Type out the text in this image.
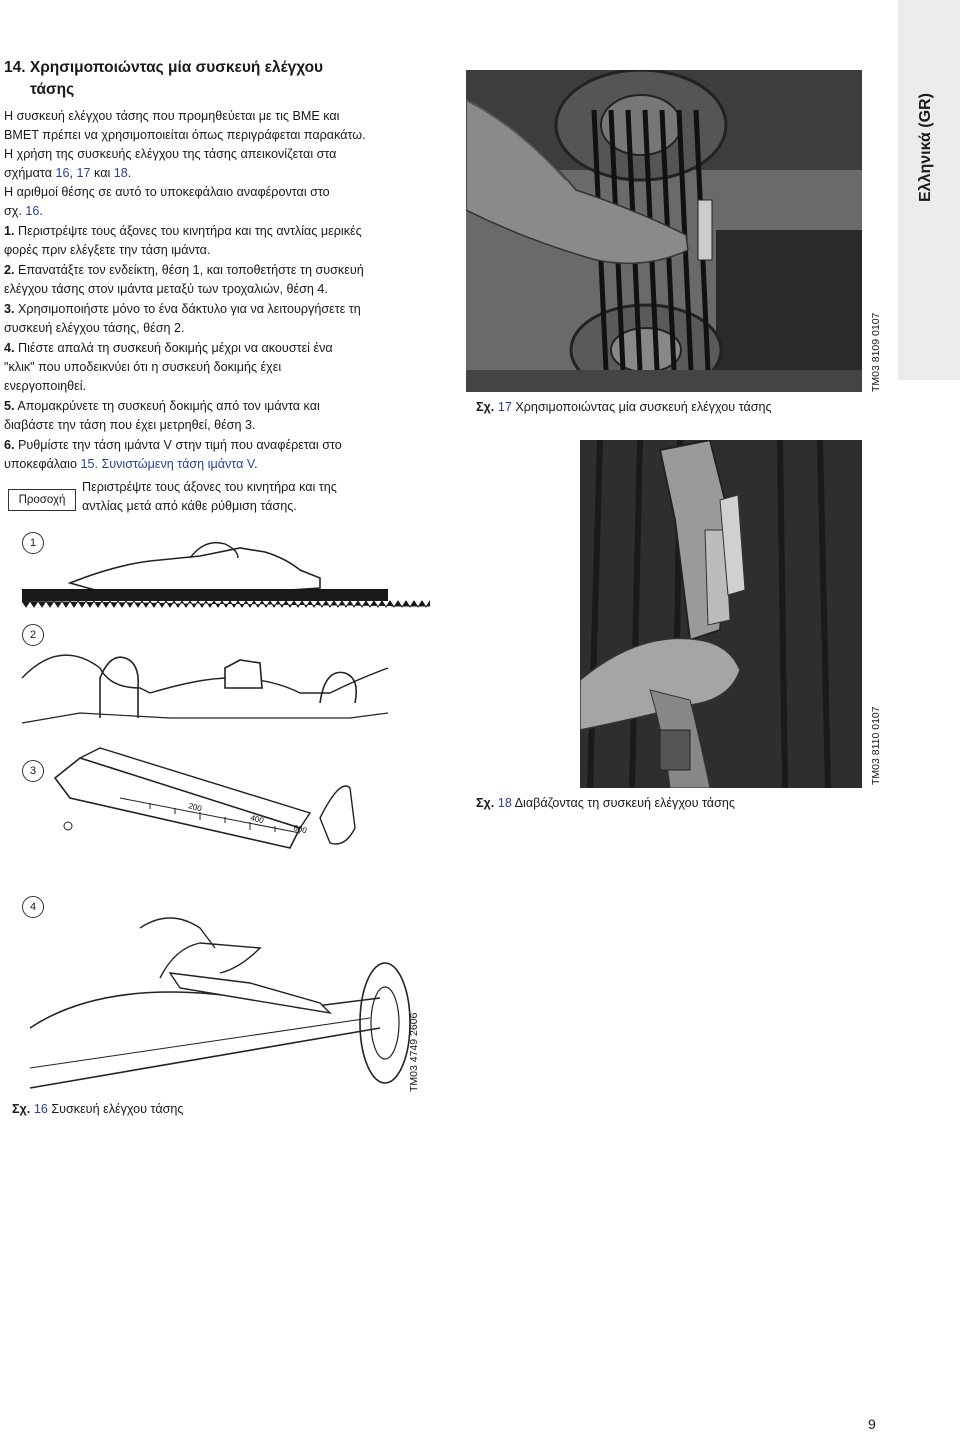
Ελληνικά (GR)
14. Χρησιμοποιώντας μία συσκευή ελέγχου
τάσης
Η συσκευή ελέγχου τάσης που προμηθεύεται με τις BME και
BMET πρέπει να χρησιμοποιείται όπως περιγράφεται παρακάτω.
Η χρήση της συσκευής ελέγχου της τάσης απεικονίζεται στα
σχήματα 16, 17 και 18.
Η αριθμοί θέσης σε αυτό το υποκεφάλαιο αναφέρονται στο
σχ. 16.
1. Περιστρέψτε τους άξονες του κινητήρα και της αντλίας μερικές
φορές πριν ελέγξετε την τάση ιμάντα.
2. Επανατάξτε τον ενδείκτη, θέση 1, και τοποθετήστε τη συσκευή
ελέγχου τάσης στον ιμάντα μεταξύ των τροχαλιών, θέση 4.
3. Χρησιμοποιήστε μόνο το ένα δάκτυλο για να λειτουργήσετε τη
συσκευή ελέγχου τάσης, θέση 2.
4. Πιέστε απαλά τη συσκευή δοκιμής μέχρι να ακουστεί ένα
"κλικ" που υποδεικνύει ότι η συσκευή δοκιμής έχει
ενεργοποιηθεί.
5. Απομακρύνετε τη συσκευή δοκιμής από τον ιμάντα και
διαβάστε την τάση που έχει μετρηθεί, θέση 3.
6. Ρυθμίστε την τάση ιμάντα V στην τιμή που αναφέρεται στο
υποκεφάλαιο 15. Συνιστώμενη τάση ιμάντα V.
Προσοχή
Περιστρέψτε τους άξονες του κινητήρα και της
αντλίας μετά από κάθε ρύθμιση τάσης.
200
400
600
1
2
3
4
TM03 4749 2606
Σχ. 16 Συσκευή ελέγχου τάσης
TM03 8109 0107
Σχ. 17 Χρησιμοποιώντας μία συσκευή ελέγχου τάσης
TM03 8110 0107
Σχ. 18 Διαβάζοντας τη συσκευή ελέγχου τάσης
9
